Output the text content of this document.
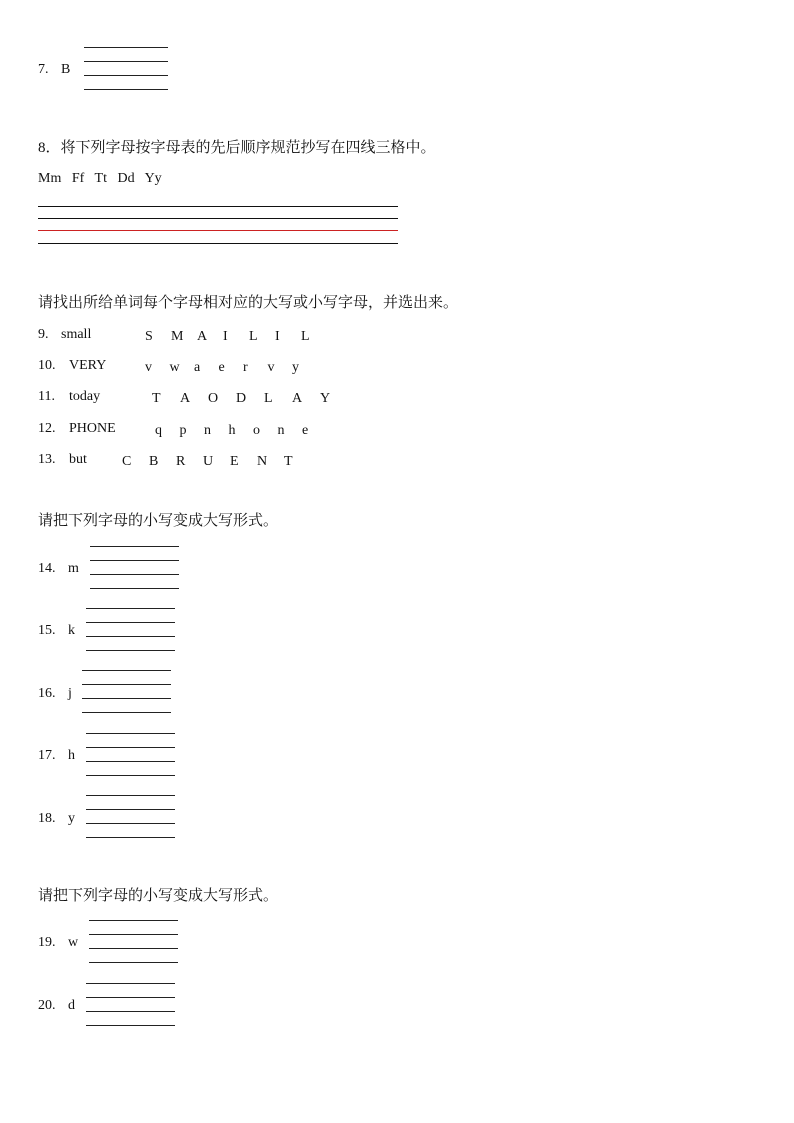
7. B
8．将下列字母按字母表的先后顺序规范抄写在四线三格中。
Mm   Ff   Tt   Dd   Yy
请找出所给单词每个字母相对应的大写或小写字母，并选出来。
9. small	S M A I L I L
10. VERY	v w a e r v y
11. today	T A O D L A Y
12. PHONE	q p n h o n e
13. but	C B R U E N T
请把下列字母的小写变成大写形式。
14. m
15. k
16. j
17. h
18. y
请把下列字母的小写变成大写形式。
19. w
20. d
